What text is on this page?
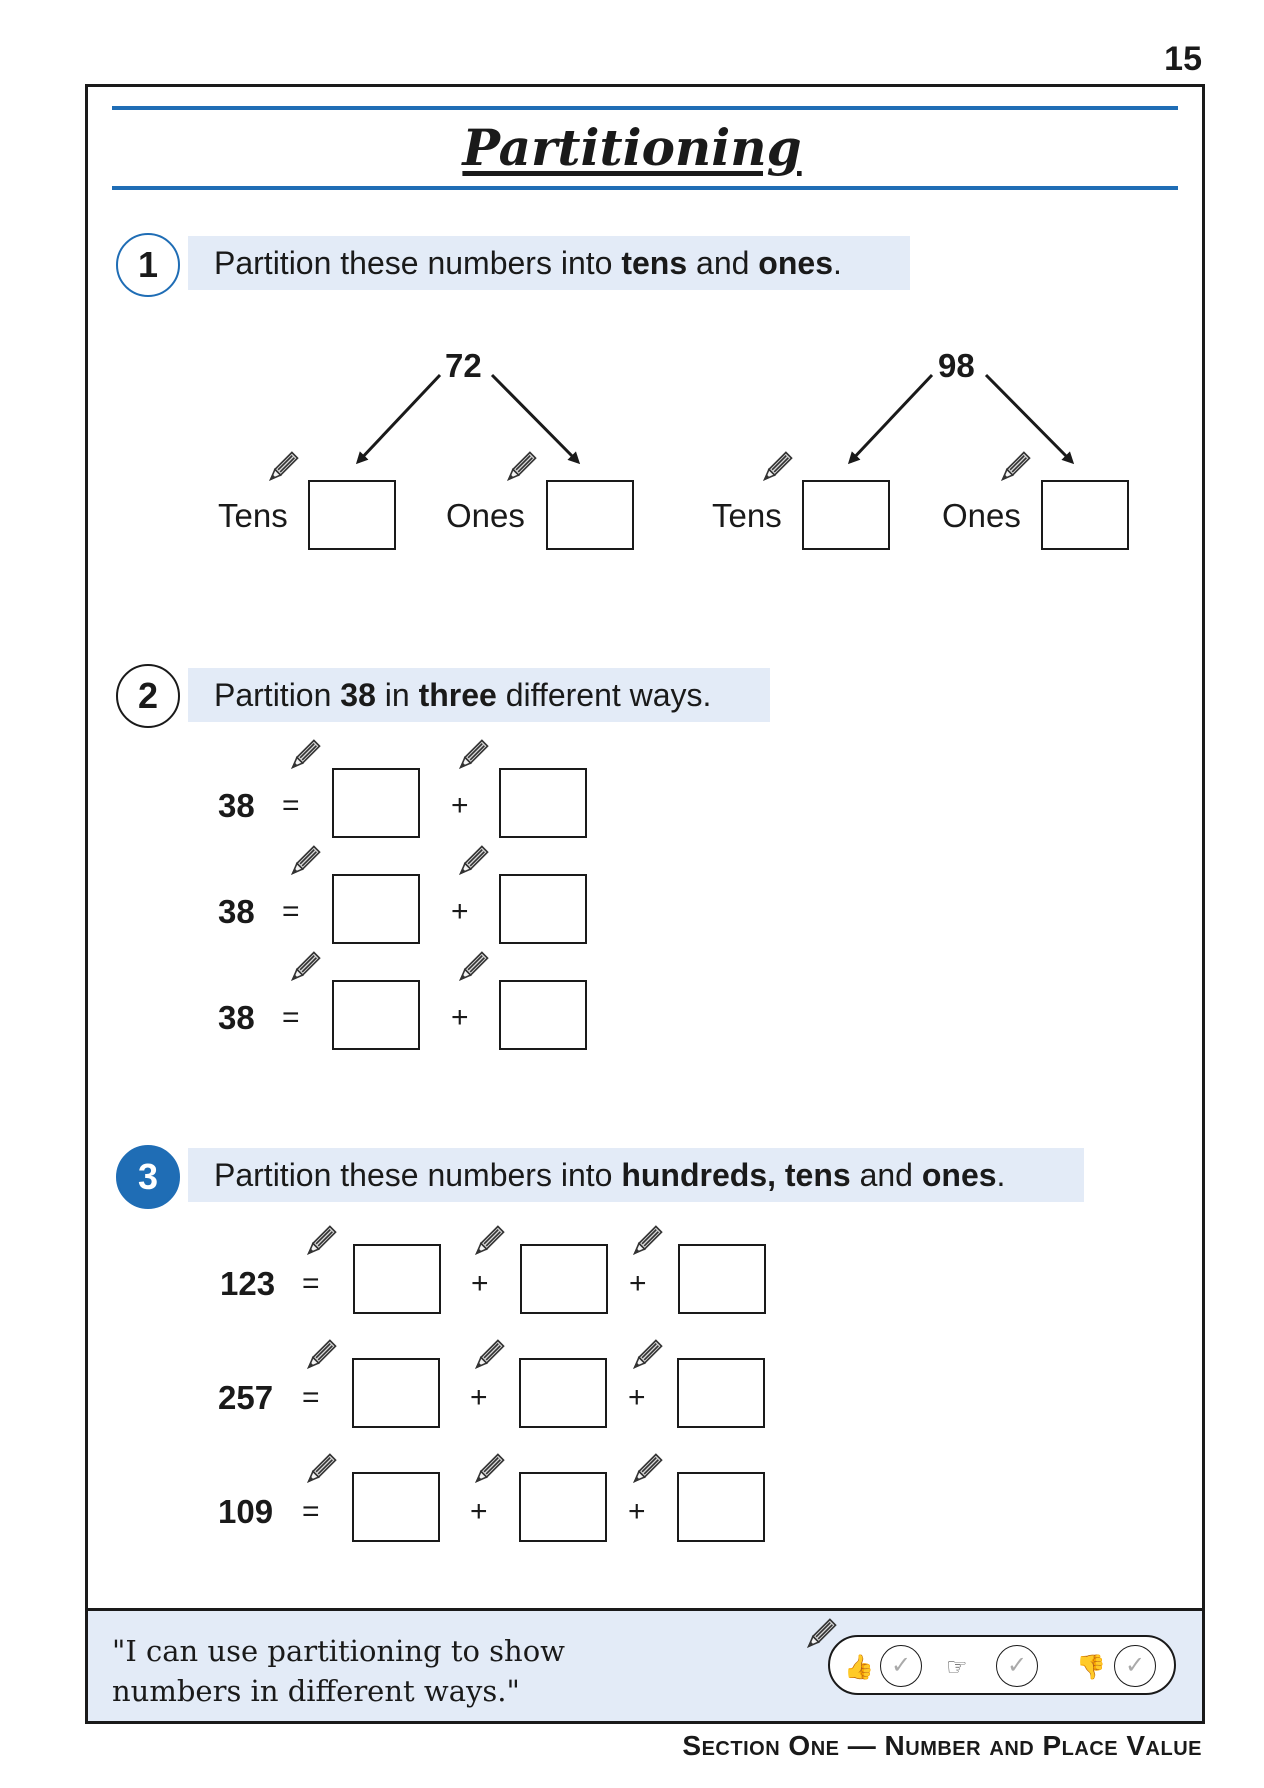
15
Partitioning
1	Partition these numbers into tens and ones.
72	98
Tens	Ones	Tens	Ones
2	Partition 38 in three different ways.
38 =	+
38 =	+
38 =	+
3	Partition these numbers into hundreds, tens and ones.
123 =	+	+
257 =	+	+
109 =	+	+
"I can use partitioning to show
numbers in different ways."
👍 ✓	☞	✓	👎 ✓
Section One — Number and Place Value
